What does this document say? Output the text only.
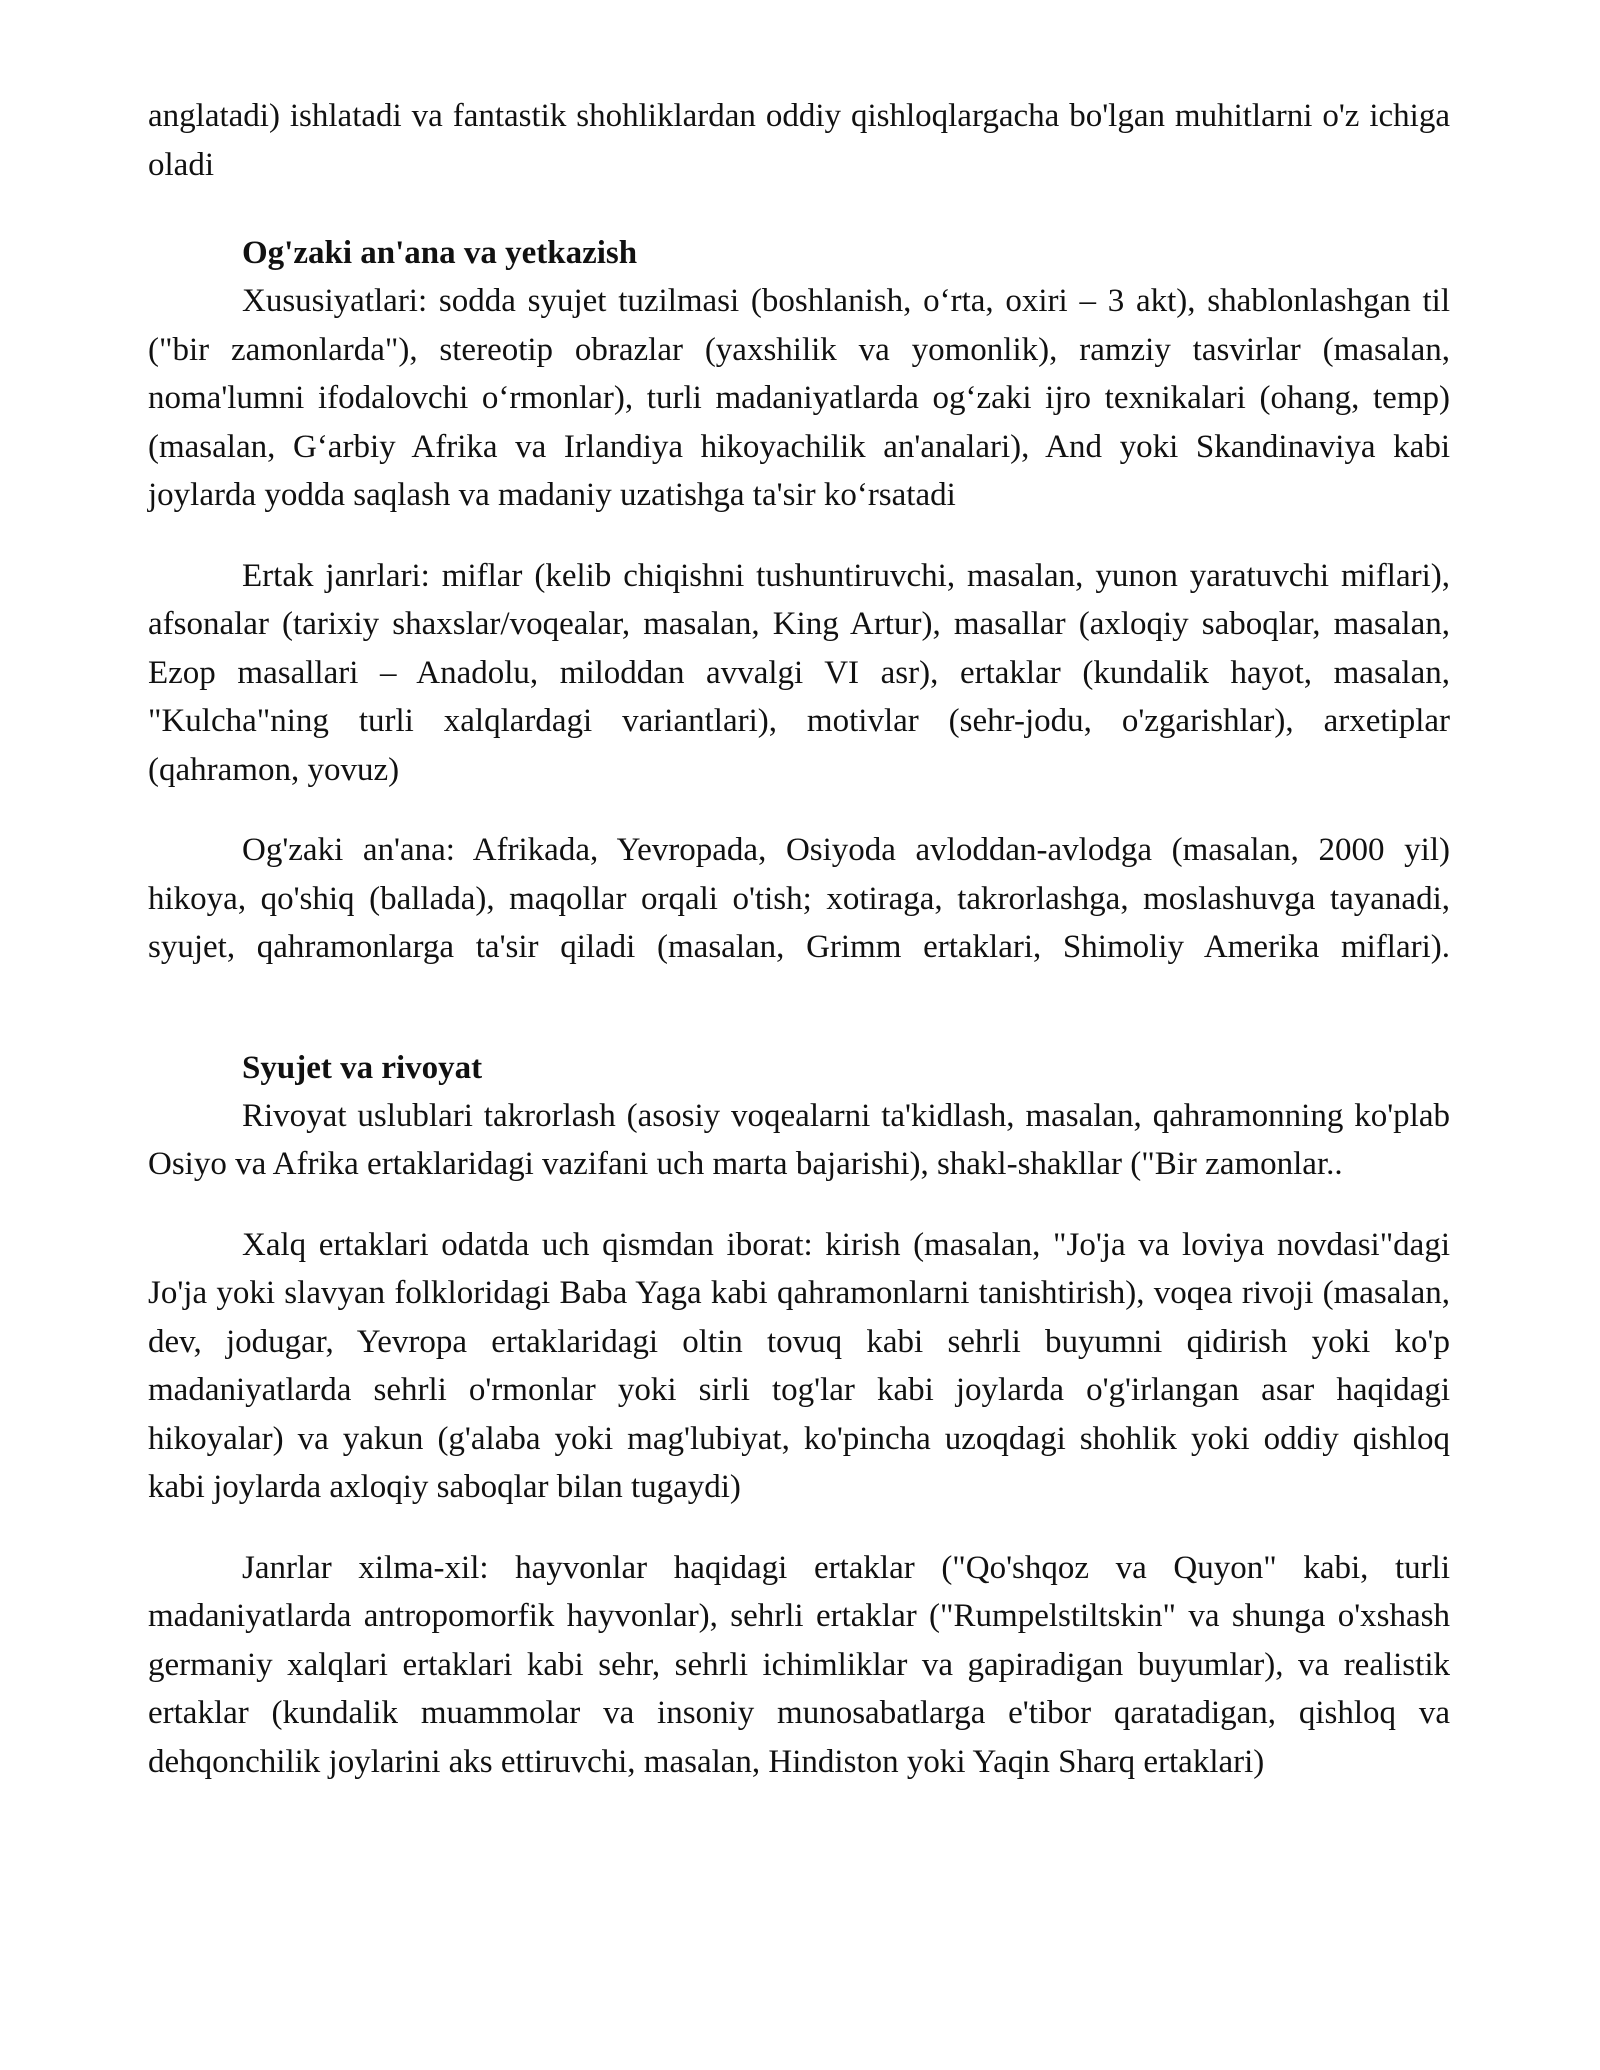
anglatadi) ishlatadi va fantastik shohliklardan oddiy qishloqlargacha bo'lgan muhitlarni o'z ichiga oladi

Og'zaki an'ana va yetkazish

Xususiyatlari: sodda syujet tuzilmasi (boshlanish, o‘rta, oxiri – 3 akt), shablonlashgan til ("bir zamonlarda"), stereotip obrazlar (yaxshilik va yomonlik), ramziy tasvirlar (masalan, noma'lumni ifodalovchi o‘rmonlar), turli madaniyatlarda og‘zaki ijro texnikalari (ohang, temp) (masalan, G‘arbiy Afrika va Irlandiya hikoyachilik an'analari), And yoki Skandinaviya kabi joylarda yodda saqlash va madaniy uzatishga ta'sir ko‘rsatadi

Ertak janrlari: miflar (kelib chiqishni tushuntiruvchi, masalan, yunon yaratuvchi miflari), afsonalar (tarixiy shaxslar/voqealar, masalan, King Artur), masallar (axloqiy saboqlar, masalan, Ezop masallari – Anadolu, miloddan avvalgi VI asr), ertaklar (kundalik hayot, masalan, "Kulcha"ning turli xalqlardagi variantlari), motivlar (sehr-jodu, o'zgarishlar), arxetiplar (qahramon, yovuz)

Og'zaki an'ana: Afrikada, Yevropada, Osiyoda avloddan-avlodga (masalan, 2000 yil) hikoya, qo'shiq (ballada), maqollar orqali o'tish; xotiraga, takrorlashga, moslashuvga tayanadi, syujet, qahramonlarga ta'sir qiladi (masalan, Grimm ertaklari, Shimoliy Amerika miflari).

Syujet va rivoyat

Rivoyat uslublari takrorlash (asosiy voqealarni ta'kidlash, masalan, qahramonning ko'plab Osiyo va Afrika ertaklaridagi vazifani uch marta bajarishi), shakl-shakllar ("Bir zamonlar..

Xalq ertaklari odatda uch qismdan iborat: kirish (masalan, "Jo'ja va loviya novdasi"dagi Jo'ja yoki slavyan folkloridagi Baba Yaga kabi qahramonlarni tanishtirish), voqea rivoji (masalan, dev, jodugar, Yevropa ertaklaridagi oltin tovuq kabi sehrli buyumni qidirish yoki ko'p madaniyatlarda sehrli o'rmonlar yoki sirli tog'lar kabi joylarda o'g'irlangan asar haqidagi hikoyalar) va yakun (g'alaba yoki mag'lubiyat, ko'pincha uzoqdagi shohlik yoki oddiy qishloq kabi joylarda axloqiy saboqlar bilan tugaydi)

Janrlar xilma-xil: hayvonlar haqidagi ertaklar ("Qo'shqoz va Quyon" kabi, turli madaniyatlarda antropomorfik hayvonlar), sehrli ertaklar ("Rumpelstiltskin" va shunga o'xshash germaniy xalqlari ertaklari kabi sehr, sehrli ichimliklar va gapiradigan buyumlar), va realistik ertaklar (kundalik muammolar va insoniy munosabatlarga e'tibor qaratadigan, qishloq va dehqonchilik joylarini aks ettiruvchi, masalan, Hindiston yoki Yaqin Sharq ertaklari)
